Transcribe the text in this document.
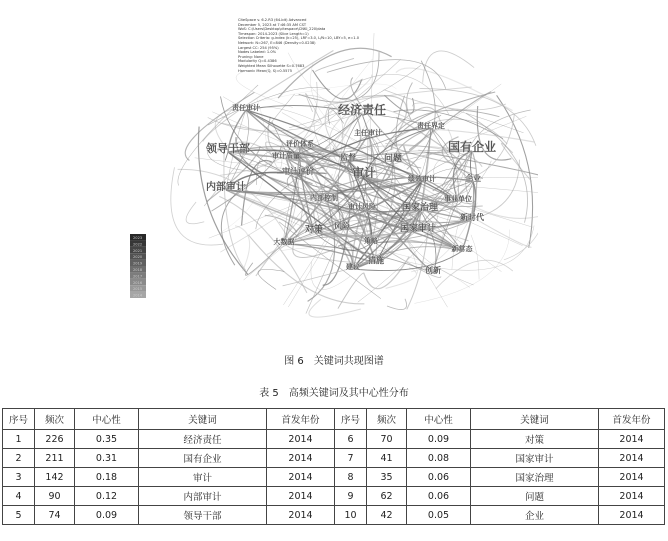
2023
2022
2021
2020
2019
2018
2017
2016
2015
2014
责任审计	经济责任
责任界定
主任审计
国有企业
领导干部	评价体系
审计质量	监督	问题
内部审计
审计评价	审计	绩效审计	企业
内部控制	事业单位
审计风险	国家治理
新时代
对策 风险	国家审计
大数据	策略
新常态
措施
建议	创新
CiteSpace v. 6.2.R3 (64-bit) Advanced
December 5, 2023 at 7:46:35 AM CST
WoS: C:\Users\Desktop\citespace\CNKI_220\data
Timespan: 2014-2023 (Slice Length=1)
Selection Criteria: g-index (k=25), LRF=3.0, L/N=10, LBY=5, e=1.0
Network: N=267, E=846 (Density=0.0238)
Largest CC: 254 (95%)
Nodes Labeled: 1.0%
Pruning: None
Modularity Q=0.4386
Weighted Mean Silhouette S=0.7683
Harmonic Mean(Q, S)=0.5575
图 6　关键词共现图谱
表 5　高频关键词及其中心性分布
序号	频次	中心性	关键词	首发年份	序号	频次	中心性	关键词	首发年份
1	226	0.35	经济责任	2014	6	70	0.09	对策	2014
2	211	0.31	国有企业	2014	7	41	0.08	国家审计	2014
3	142	0.18	审计	2014	8	35	0.06	国家治理	2014
4	90	0.12	内部审计	2014	9	62	0.06	问题	2014
5	74	0.09	领导干部	2014	10	42	0.05	企业	2014
